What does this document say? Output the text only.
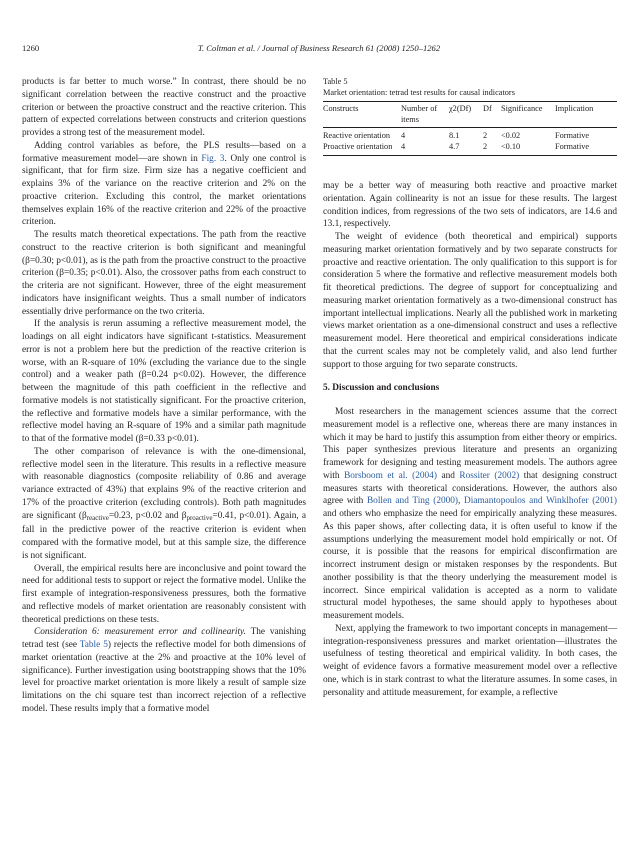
1260	T. Coltman et al. / Journal of Business Research 61 (2008) 1250–1262

products is far better to much worse.” In contrast, there should be no significant correlation between the reactive construct and the proactive criterion or between the proactive construct and the reactive criterion. This pattern of expected correlations between constructs and criterion questions provides a strong test of the measurement model.

Adding control variables as before, the PLS results—based on a formative measurement model—are shown in Fig. 3. Only one control is significant, that for firm size. Firm size has a negative coefficient and explains 3% of the variance on the reactive criterion and 2% on the proactive criterion. Excluding this control, the market orientations themselves explain 16% of the reactive criterion and 22% of the proactive criterion.

The results match theoretical expectations. The path from the reactive construct to the reactive criterion is both significant and meaningful (β=0.30; p<0.01), as is the path from the proactive construct to the proactive criterion (β=0.35; p<0.01). Also, the crossover paths from each construct to the criteria are not significant. However, three of the eight measurement indicators have insignificant weights. Thus a small number of indicators essentially drive performance on the two criteria.

If the analysis is rerun assuming a reflective measurement model, the loadings on all eight indicators have significant t-statistics. Measurement error is not a problem here but the prediction of the reactive criterion is worse, with an R-square of 10% (excluding the variance due to the single control) and a weaker path (β=0.24 p<0.02). However, the difference between the magnitude of this path coefficient in the reflective and formative models is not statistically significant. For the proactive criterion, the reflective and formative models have a similar performance, with the reflective model having an R-square of 19% and a similar path magnitude to that of the formative model (β=0.33 p<0.01).

The other comparison of relevance is with the one-dimensional, reflective model seen in the literature. This results in a reflective measure with reasonable diagnostics (composite reliability of 0.86 and average variance extracted of 43%) that explains 9% of the reactive criterion and 17% of the proactive criterion (excluding controls). Both path magnitudes are significant ($\beta_{reactive}=0.23$, p<0.02 and $\beta_{proactive}=0.41$, p<0.01). Again, a fall in the predictive power of the reactive criterion is evident when compared with the formative model, but at this sample size, the difference is not significant.

Overall, the empirical results here are inconclusive and point toward the need for additional tests to support or reject the formative model. Unlike the first example of integration-responsiveness pressures, both the formative and reflective models of market orientation are reasonably consistent with theoretical predictions on these tests.

Consideration 6: measurement error and collinearity. The vanishing tetrad test (see Table 5) rejects the reflective model for both dimensions of market orientation (reactive at the 2% and proactive at the 10% level of significance). Further investigation using bootstrapping shows that the 10% level for proactive market orientation is more likely a result of sample size limitations on the chi square test than incorrect rejection of a reflective model. These results imply that a formative model

Table 5
Market orientation: tetrad test results for causal indicators
Constructs	Number of items	χ2(Df)	Df	Significance	Implication
Reactive orientation	4	8.1	2	<0.02	Formative
Proactive orientation	4	4.7	2	<0.10	Formative

may be a better way of measuring both reactive and proactive market orientation. Again collinearity is not an issue for these results. The largest condition indices, from regressions of the two sets of indicators, are 14.6 and 13.1, respectively.

The weight of evidence (both theoretical and empirical) supports measuring market orientation formatively and by two separate constructs for proactive and reactive orientation. The only qualification to this support is for consideration 5 where the formative and reflective measurement models both fit theoretical predictions. The degree of support for conceptualizing and measuring market orientation formatively as a two-dimensional construct has important intellectual implications. Nearly all the published work in marketing views market orientation as a one-dimensional construct and uses a reflective measurement model. Here theoretical and empirical considerations indicate that the current scales may not be completely valid, and also lend further support to those arguing for two separate constructs.

5. Discussion and conclusions

Most researchers in the management sciences assume that the correct measurement model is a reflective one, whereas there are many instances in which it may be hard to justify this assumption from either theory or empirics. This paper synthesizes previous literature and presents an organizing framework for designing and testing measurement models. The authors agree with Borsboom et al. (2004) and Rossiter (2002) that designing construct measures starts with theoretical considerations. However, the authors also agree with Bollen and Ting (2000), Diamantopoulos and Winklhofer (2001) and others who emphasize the need for empirically analyzing these measures. As this paper shows, after collecting data, it is often useful to know if the assumptions underlying the measurement model hold empirically or not. Of course, it is possible that the reasons for empirical disconfirmation are incorrect instrument design or mistaken responses by the respondents. But another possibility is that the theory underlying the measurement model is incorrect. Since empirical validation is accepted as a norm to validate structural model hypotheses, the same should apply to hypotheses about measurement models.

Next, applying the framework to two important concepts in management—integration-responsiveness pressures and market orientation—illustrates the usefulness of testing theoretical and empirical validity. In both cases, the weight of evidence favors a formative measurement model over a reflective one, which is in stark contrast to what the literature assumes. In some cases, in personality and attitude measurement, for example, a reflective
